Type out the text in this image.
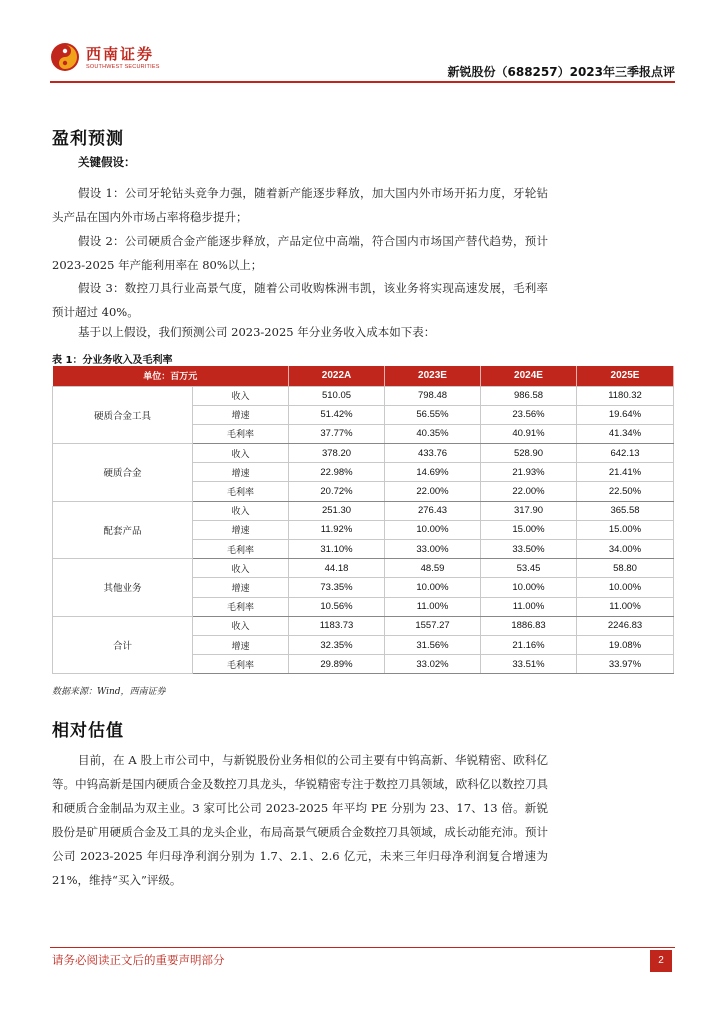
西南证券
SOUTHWEST SECURITIES	新锐股份（688257）2023年三季报点评
盈利预测
关键假设：
假设 1：公司牙轮钻头竞争力强，随着新产能逐步释放，加大国内外市场开拓力度，牙轮钻头产品在国内外市场占率将稳步提升；
假设 2：公司硬质合金产能逐步释放，产品定位中高端，符合国内市场国产替代趋势，预计 2023-2025 年产能利用率在 80%以上；
假设 3：数控刀具行业高景气度，随着公司收购株洲韦凯，该业务将实现高速发展，毛利率预计超过 40%。
基于以上假设，我们预测公司 2023-2025 年分业务收入成本如下表：
表 1：分业务收入及毛利率
单位：百万元		2022A	2023E	2024E	2025E
硬质合金工具	收入	510.05	798.48	986.58	1180.32
	增速	51.42%	56.55%	23.56%	19.64%
	毛利率	37.77%	40.35%	40.91%	41.34%
硬质合金	收入	378.20	433.76	528.90	642.13
	增速	22.98%	14.69%	21.93%	21.41%
	毛利率	20.72%	22.00%	22.00%	22.50%
配套产品	收入	251.30	276.43	317.90	365.58
	增速	11.92%	10.00%	15.00%	15.00%
	毛利率	31.10%	33.00%	33.50%	34.00%
其他业务	收入	44.18	48.59	53.45	58.80
	增速	73.35%	10.00%	10.00%	10.00%
	毛利率	10.56%	11.00%	11.00%	11.00%
合计	收入	1183.73	1557.27	1886.83	2246.83
	增速	32.35%	31.56%	21.16%	19.08%
	毛利率	29.89%	33.02%	33.51%	33.97%
数据来源：Wind，西南证券
相对估值
目前，在 A 股上市公司中，与新锐股份业务相似的公司主要有中钨高新、华锐精密、欧科亿等。中钨高新是国内硬质合金及数控刀具龙头，华锐精密专注于数控刀具领域，欧科亿以数控刀具和硬质合金制品为双主业。3 家可比公司 2023-2025 年平均 PE 分别为 23、17、13 倍。新锐股份是矿用硬质合金及工具的龙头企业，布局高景气硬质合金数控刀具领域，成长动能充沛。预计公司 2023-2025 年归母净利润分别为 1.7、2.1、2.6 亿元，未来三年归母净利润复合增速为 21%，维持“买入”评级。
请务必阅读正文后的重要声明部分	2
